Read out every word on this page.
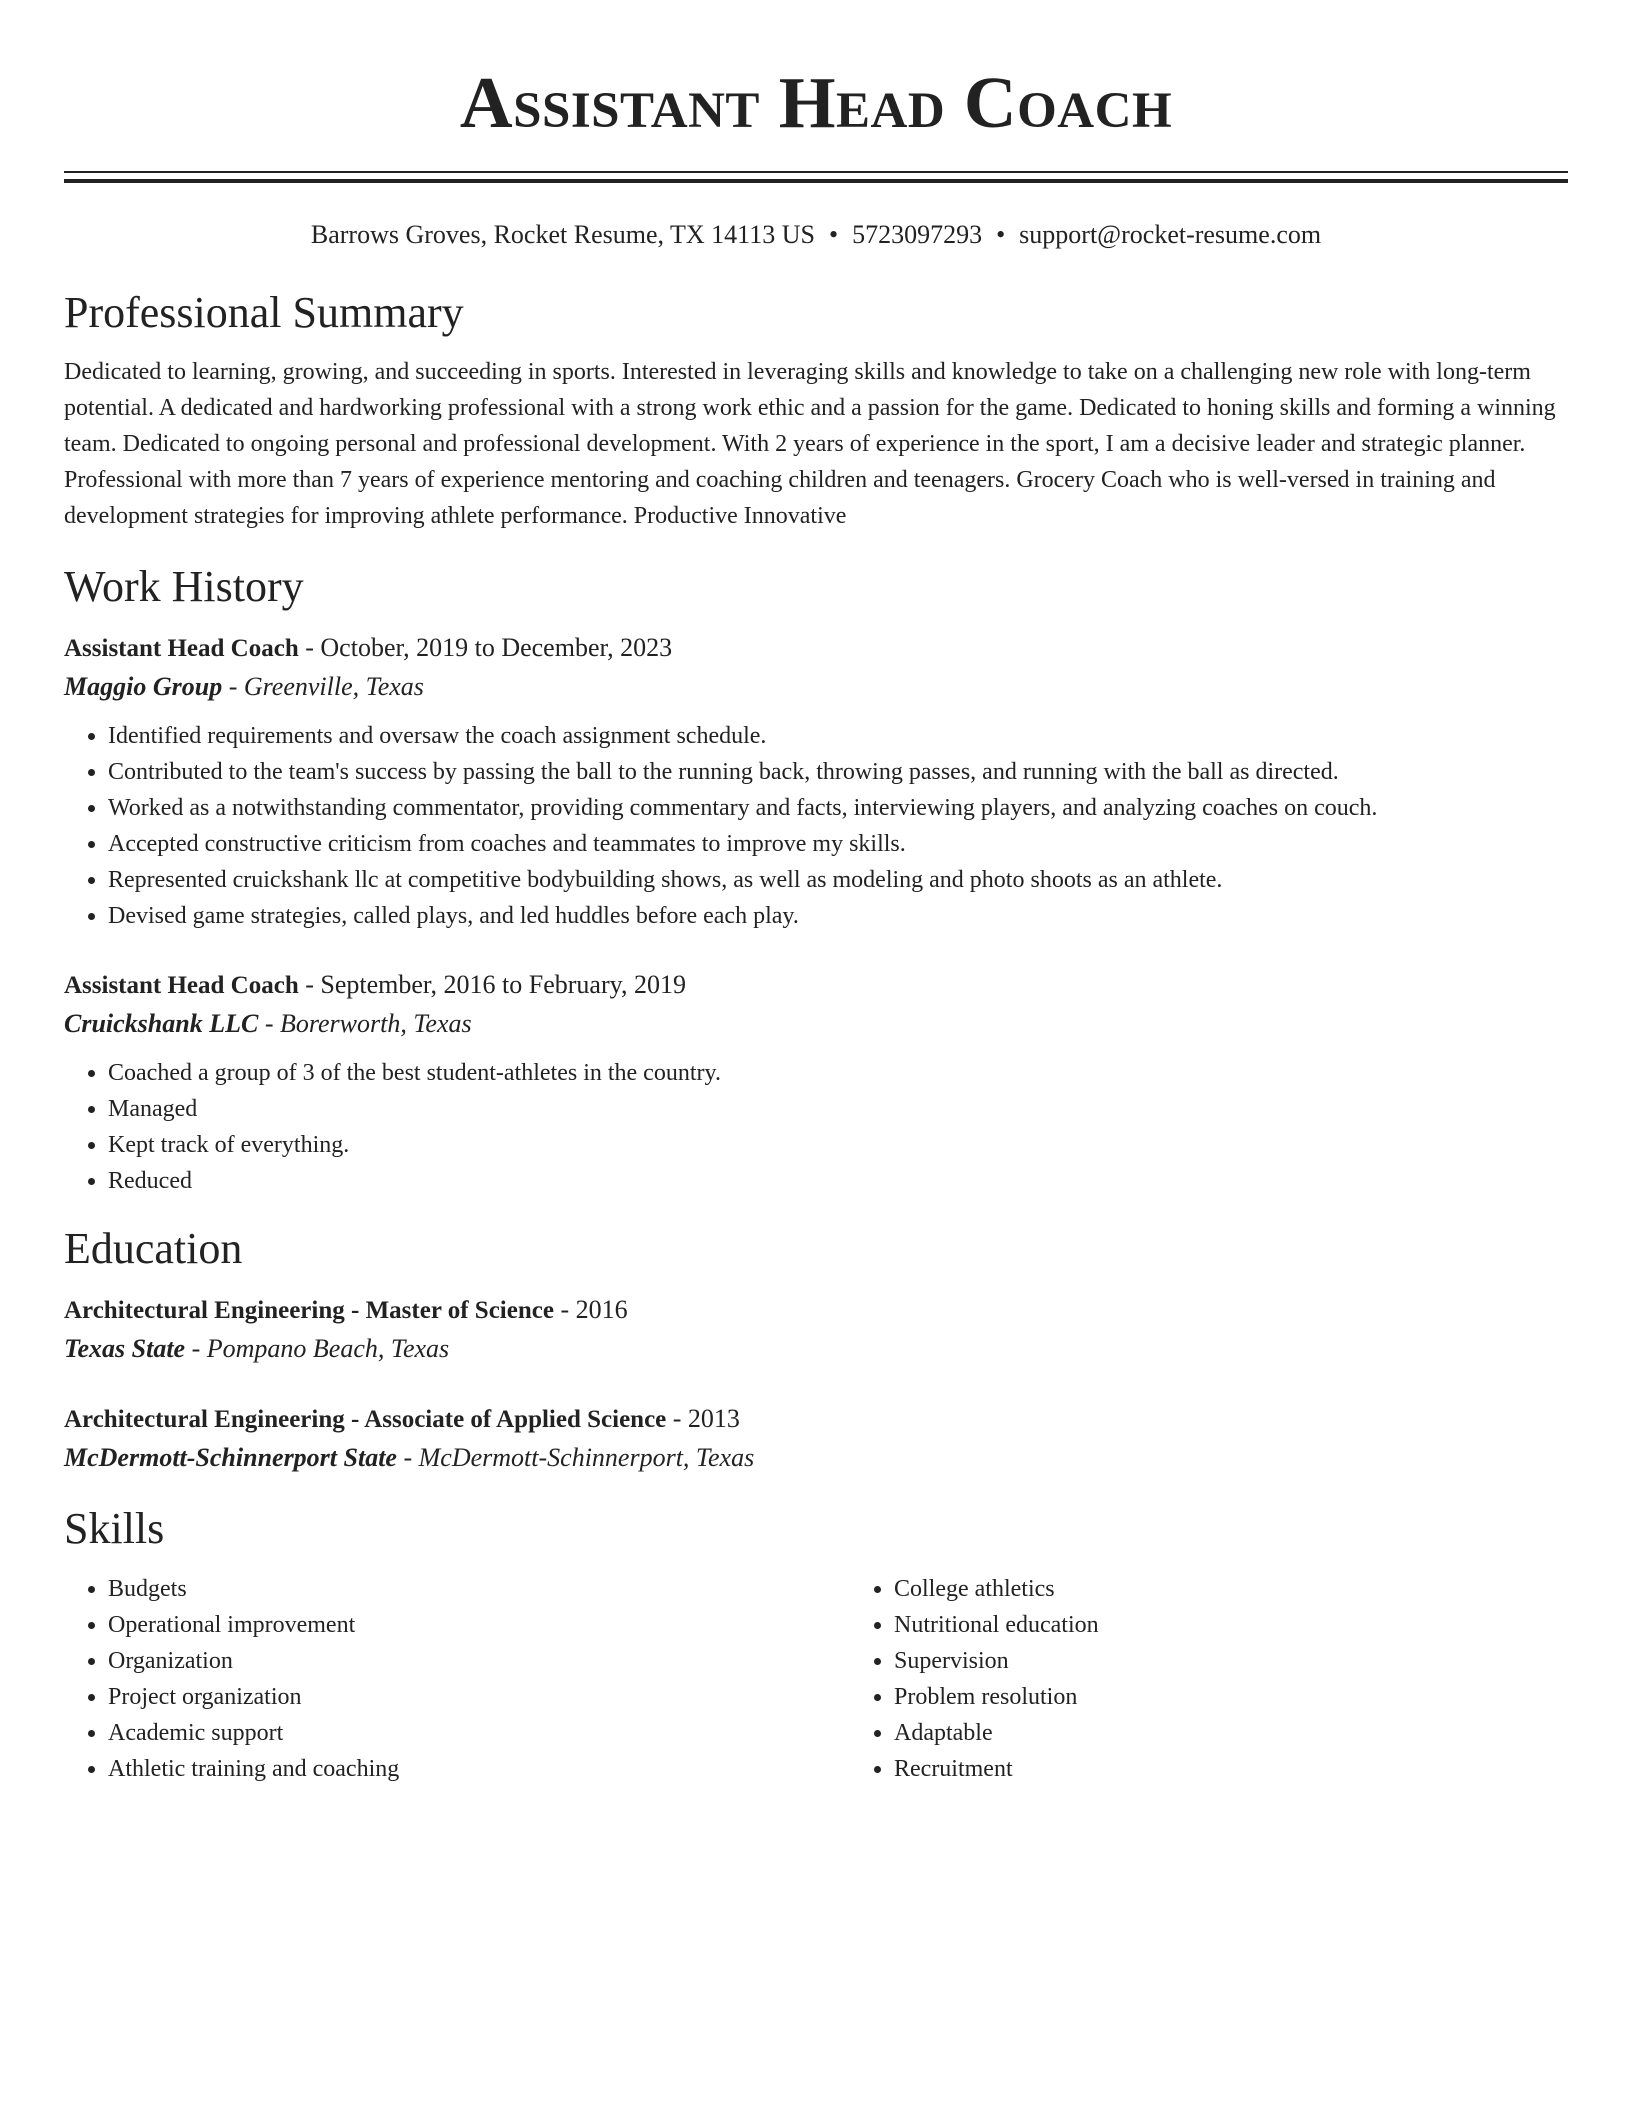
Assistant Head Coach
Barrows Groves, Rocket Resume, TX 14113 US • 5723097293 • support@rocket-resume.com
Professional Summary

Dedicated to learning, growing, and succeeding in sports. Interested in leveraging skills and knowledge to take on a challenging new role with long-term potential. A dedicated and hardworking professional with a strong work ethic and a passion for the game. Dedicated to honing skills and forming a winning team. Dedicated to ongoing personal and professional development. With 2 years of experience in the sport, I am a decisive leader and strategic planner. Professional with more than 7 years of experience mentoring and coaching children and teenagers. Grocery Coach who is well-versed in training and development strategies for improving athlete performance. Productive Innovative

Work History
Assistant Head Coach - October, 2019 to December, 2023
Maggio Group - Greenville, Texas
• Identified requirements and oversaw the coach assignment schedule.
• Contributed to the team's success by passing the ball to the running back, throwing passes, and running with the ball as directed.
• Worked as a notwithstanding commentator, providing commentary and facts, interviewing players, and analyzing coaches on couch.
• Accepted constructive criticism from coaches and teammates to improve my skills.
• Represented cruickshank llc at competitive bodybuilding shows, as well as modeling and photo shoots as an athlete.
• Devised game strategies, called plays, and led huddles before each play.
Assistant Head Coach - September, 2016 to February, 2019
Cruickshank LLC - Borerworth, Texas
• Coached a group of 3 of the best student-athletes in the country.
• Managed
• Kept track of everything.
• Reduced
Education
Architectural Engineering - Master of Science - 2016
Texas State - Pompano Beach, Texas
Architectural Engineering - Associate of Applied Science - 2013
McDermott-Schinnerport State - McDermott-Schinnerport, Texas
Skills
• Budgets
• Operational improvement
• Organization
• Project organization
• Academic support
• Athletic training and coaching
• College athletics
• Nutritional education
• Supervision
• Problem resolution
• Adaptable
• Recruitment
